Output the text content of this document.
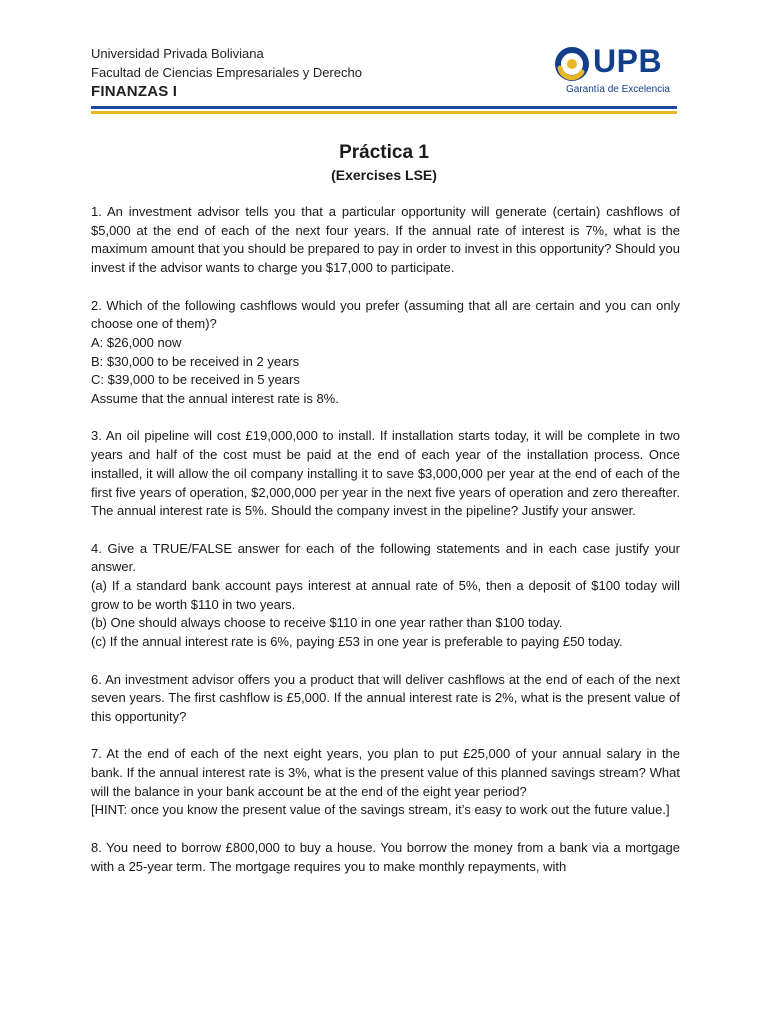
Universidad Privada Boliviana
Facultad de Ciencias Empresariales y Derecho
FINANZAS I
UPB
Garantía de Excelencia
Práctica 1
(Exercises LSE)

1. An investment advisor tells you that a particular opportunity will generate (certain) cashflows of $5,000 at the end of each of the next four years. If the annual rate of interest is 7%, what is the maximum amount that you should be prepared to pay in order to invest in this opportunity? Should you invest if the advisor wants to charge you $17,000 to participate.

2. Which of the following cashflows would you prefer (assuming that all are certain and you can only choose one of them)?

A: $26,000 now

B: $30,000 to be received in 2 years

C: $39,000 to be received in 5 years

Assume that the annual interest rate is 8%.

3. An oil pipeline will cost £19,000,000 to install. If installation starts today, it will be complete in two years and half of the cost must be paid at the end of each year of the installation process. Once installed, it will allow the oil company installing it to save $3,000,000 per year at the end of each of the first five years of operation, $2,000,000 per year in the next five years of operation and zero thereafter. The annual interest rate is 5%. Should the company invest in the pipeline? Justify your answer.

4. Give a TRUE/FALSE answer for each of the following statements and in each case justify your answer.

(a) If a standard bank account pays interest at annual rate of 5%, then a deposit of $100 today will grow to be worth $110 in two years.

(b) One should always choose to receive $110 in one year rather than $100 today.

(c) If the annual interest rate is 6%, paying £53 in one year is preferable to paying £50 today.

6. An investment advisor offers you a product that will deliver cashflows at the end of each of the next seven years. The first cashflow is £5,000. If the annual interest rate is 2%, what is the present value of this opportunity?

7. At the end of each of the next eight years, you plan to put £25,000 of your annual salary in the bank. If the annual interest rate is 3%, what is the present value of this planned savings stream? What will the balance in your bank account be at the end of the eight year period?

[HINT: once you know the present value of the savings stream, it’s easy to work out the future value.]

8. You need to borrow £800,000 to buy a house. You borrow the money from a bank via a mortgage with a 25-year term. The mortgage requires you to make monthly repayments, with
